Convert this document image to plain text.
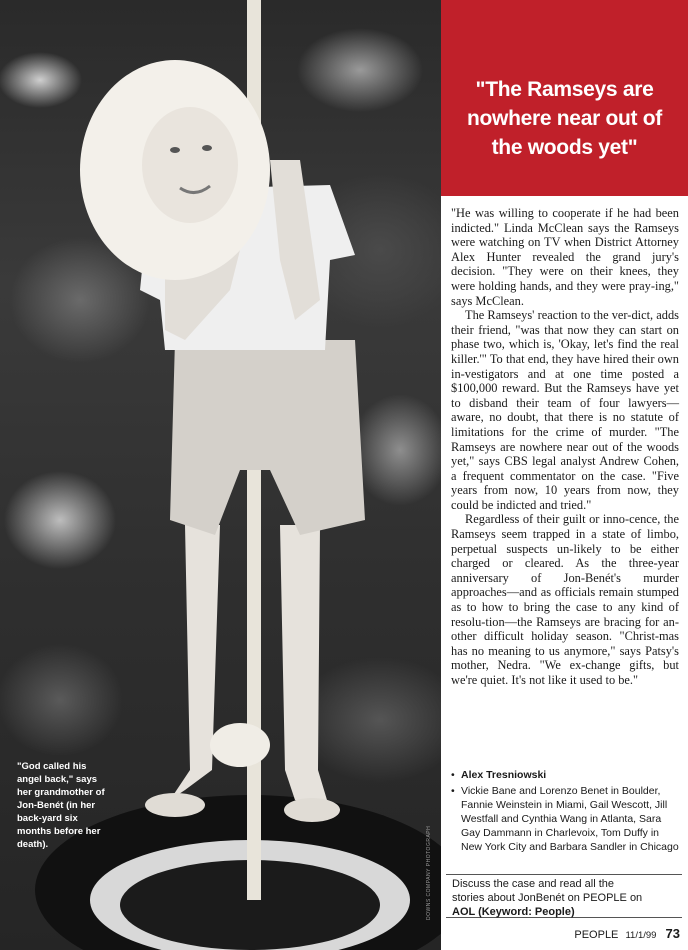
"God called his angel back," says her grandmother of Jon-Benét (in her back-yard six months before her death).	DOWNS COMPANY PHOTOGRAPH
"The Ramseys are nowhere near out of the woods yet"

"He was willing to cooperate if he had been indicted." Linda McClean says the Ramseys were watching on TV when District Attorney Alex Hunter revealed the grand jury's decision. "They were on their knees, they were holding hands, and they were pray-ing," says McClean.

The Ramseys' reaction to the ver-dict, adds their friend, "was that now they can start on phase two, which is, 'Okay, let's find the real killer.'" To that end, they have hired their own in-vestigators and at one time posted a $100,000 reward. But the Ramseys have yet to disband their team of four lawyers—aware, no doubt, that there is no statute of limitations for the crime of murder. "The Ramseys are nowhere near out of the woods yet," says CBS legal analyst Andrew Cohen, a frequent commentator on the case. "Five years from now, 10 years from now, they could be indicted and tried."

Regardless of their guilt or inno-cence, the Ramseys seem trapped in a state of limbo, perpetual suspects un-likely to be either charged or cleared. As the three-year anniversary of Jon-Benét's murder approaches—and as officials remain stumped as to how to bring the case to any kind of resolu-tion—the Ramseys are bracing for an-other difficult holiday season. "Christ-mas has no meaning to us anymore," says Patsy's mother, Nedra. "We ex-change gifts, but we're quiet. It's not like it used to be."

• Alex Tresniowski
• Vickie Bane and Lorenzo Benet in Boulder, Fannie Weinstein in Miami, Gail Wescott, Jill Westfall and Cynthia Wang in Atlanta, Sara Gay Dammann in Charlevoix, Tom Duffy in New York City and Barbara Sandler in Chicago
Discuss the case and read all the
stories about JonBenét on PEOPLE on
AOL (Keyword: People)
PEOPLE 11/1/99 73
